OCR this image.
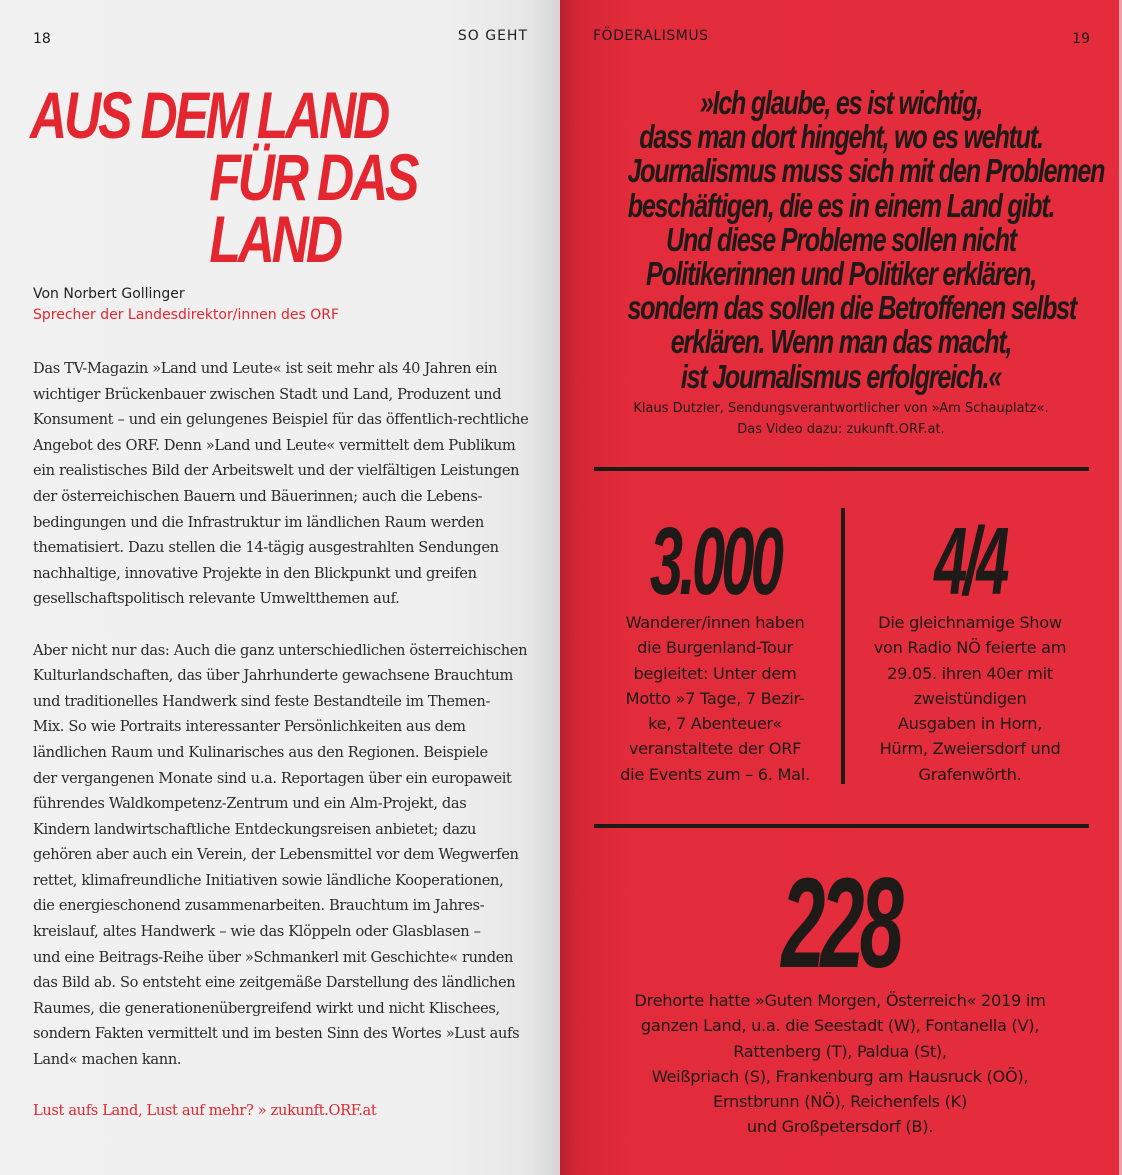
18	SO GEHT
AUS DEM LAND
FÜR DAS LAND
Von Norbert Gollinger
Sprecher der Landesdirektor/innen des ORF

Das TV-Magazin »Land und Leute« ist seit mehr als 40 Jahren ein
wichtiger Brückenbauer zwischen Stadt und Land, Produzent und
Konsument – und ein gelungenes Beispiel für das öffentlich-rechtliche
Angebot des ORF. Denn »Land und Leute« vermittelt dem Publikum
ein realistisches Bild der Arbeitswelt und der vielfältigen Leistungen
der österreichischen Bauern und Bäuerinnen; auch die Lebens-
bedingungen und die Infrastruktur im ländlichen Raum werden
thematisiert. Dazu stellen die 14-tägig ausgestrahlten Sendungen
nachhaltige, innovative Projekte in den Blickpunkt und greifen
gesellschaftspolitisch relevante Umweltthemen auf.

Aber nicht nur das: Auch die ganz unterschiedlichen österreichischen
Kulturlandschaften, das über Jahrhunderte gewachsene Brauchtum
und traditionelles Handwerk sind feste Bestandteile im Themen-
Mix. So wie Portraits interessanter Persönlichkeiten aus dem
ländlichen Raum und Kulinarisches aus den Regionen. Beispiele
der vergangenen Monate sind u.a. Reportagen über ein europaweit
führendes Waldkompetenz-Zentrum und ein Alm-Projekt, das
Kindern landwirtschaftliche Entdeckungsreisen anbietet; dazu
gehören aber auch ein Verein, der Lebensmittel vor dem Wegwerfen
rettet, klimafreundliche Initiativen sowie ländliche Kooperationen,
die energieschonend zusammenarbeiten. Brauchtum im Jahres-
kreislauf, altes Handwerk – wie das Klöppeln oder Glasblasen –
und eine Beitrags-Reihe über »Schmankerl mit Geschichte« runden
das Bild ab. So entsteht eine zeitgemäße Darstellung des ländlichen
Raumes, die generationenübergreifend wirkt und nicht Klischees,
sondern Fakten vermittelt und im besten Sinn des Wortes »Lust aufs
Land« machen kann.

Lust aufs Land, Lust auf mehr? » zukunft.ORF.at

FÖDERALISMUS	19
»Ich glaube, es ist wichtig,
dass man dort hingeht, wo es wehtut.
Journalismus muss sich mit den Problemen
beschäftigen, die es in einem Land gibt.
Und diese Probleme sollen nicht
Politikerinnen und Politiker erklären,
sondern das sollen die Betroffenen selbst
erklären. Wenn man das macht,
ist Journalismus erfolgreich.«
Klaus Dutzler, Sendungsverantwortlicher von »Am Schauplatz«.
Das Video dazu: zukunft.ORF.at.
3.000
Wanderer/innen haben
die Burgenland-Tour
begleitet: Unter dem
Motto »7 Tage, 7 Bezir-
ke, 7 Abenteuer«
veranstaltete der ORF
die Events zum – 6. Mal.
4/4
Die gleichnamige Show
von Radio NÖ feierte am
29.05. ihren 40er mit
zweistündigen
Ausgaben in Horn,
Hürm, Zweiersdorf und
Grafenwörth.
228
Drehorte hatte »Guten Morgen, Österreich« 2019 im
ganzen Land, u.a. die Seestadt (W), Fontanella (V),
Rattenberg (T), Paldua (St),
Weißpriach (S), Frankenburg am Hausruck (OÖ),
Ernstbrunn (NÖ), Reichenfels (K)
und Großpetersdorf (B).
